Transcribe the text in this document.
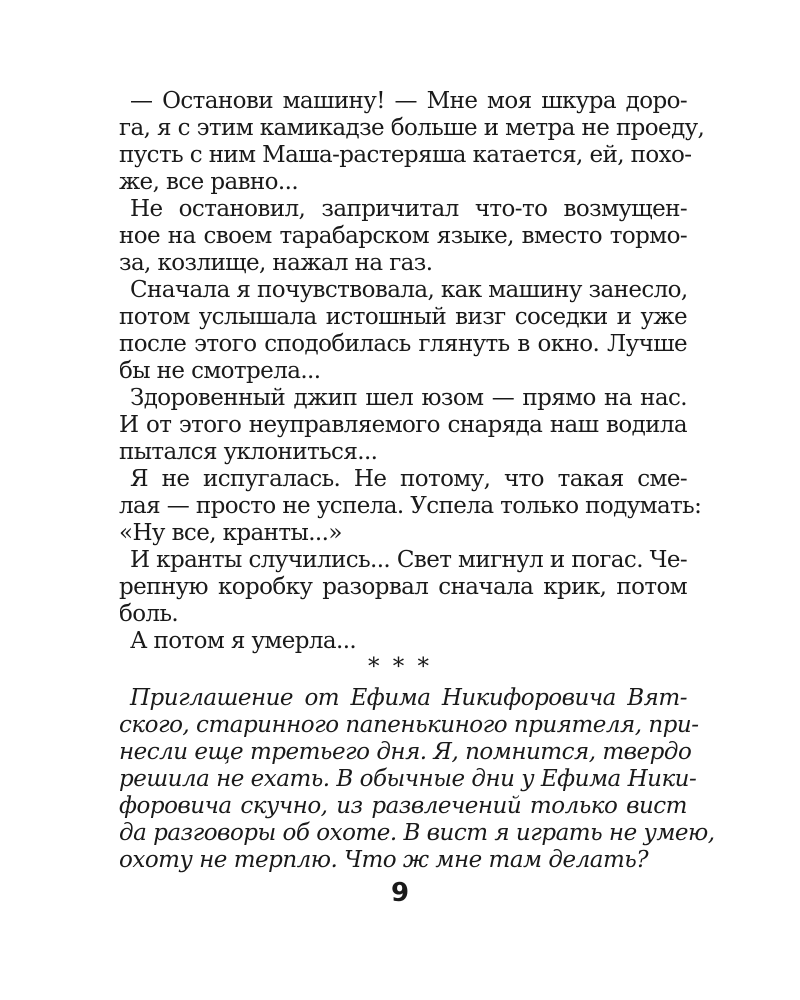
— Останови машину! — Мне моя шкура доро-
га, я с этим камикадзе больше и метра не проеду,
пусть с ним Маша-растеряша катается, ей, похо-
же, все равно...
Не остановил, запричитал что-то возмущен-
ное на своем тарабарском языке, вместо тормо-
за, козлище, нажал на газ.
Сначала я почувствовала, как машину занесло,
потом услышала истошный визг соседки и уже
после этого сподобилась глянуть в окно. Лучше
бы не смотрела...
Здоровенный джип шел юзом — прямо на нас.
И от этого неуправляемого снаряда наш водила
пытался уклониться...
Я не испугалась. Не потому, что такая сме-
лая — просто не успела. Успела только подумать:
«Ну все, кранты...»
И кранты случились... Свет мигнул и погас. Че-
репную коробку разорвал сначала крик, потом
боль.
А потом я умерла...
* * *
Приглашение от Ефима Никифоровича Вят-
ского, старинного папенькиного приятеля, при-
несли еще третьего дня. Я, помнится, твердо
решила не ехать. В обычные дни у Ефима Ники-
форовича скучно, из развлечений только вист
да разговоры об охоте. В вист я играть не умею,
охоту не терплю. Что ж мне там делать?
9
